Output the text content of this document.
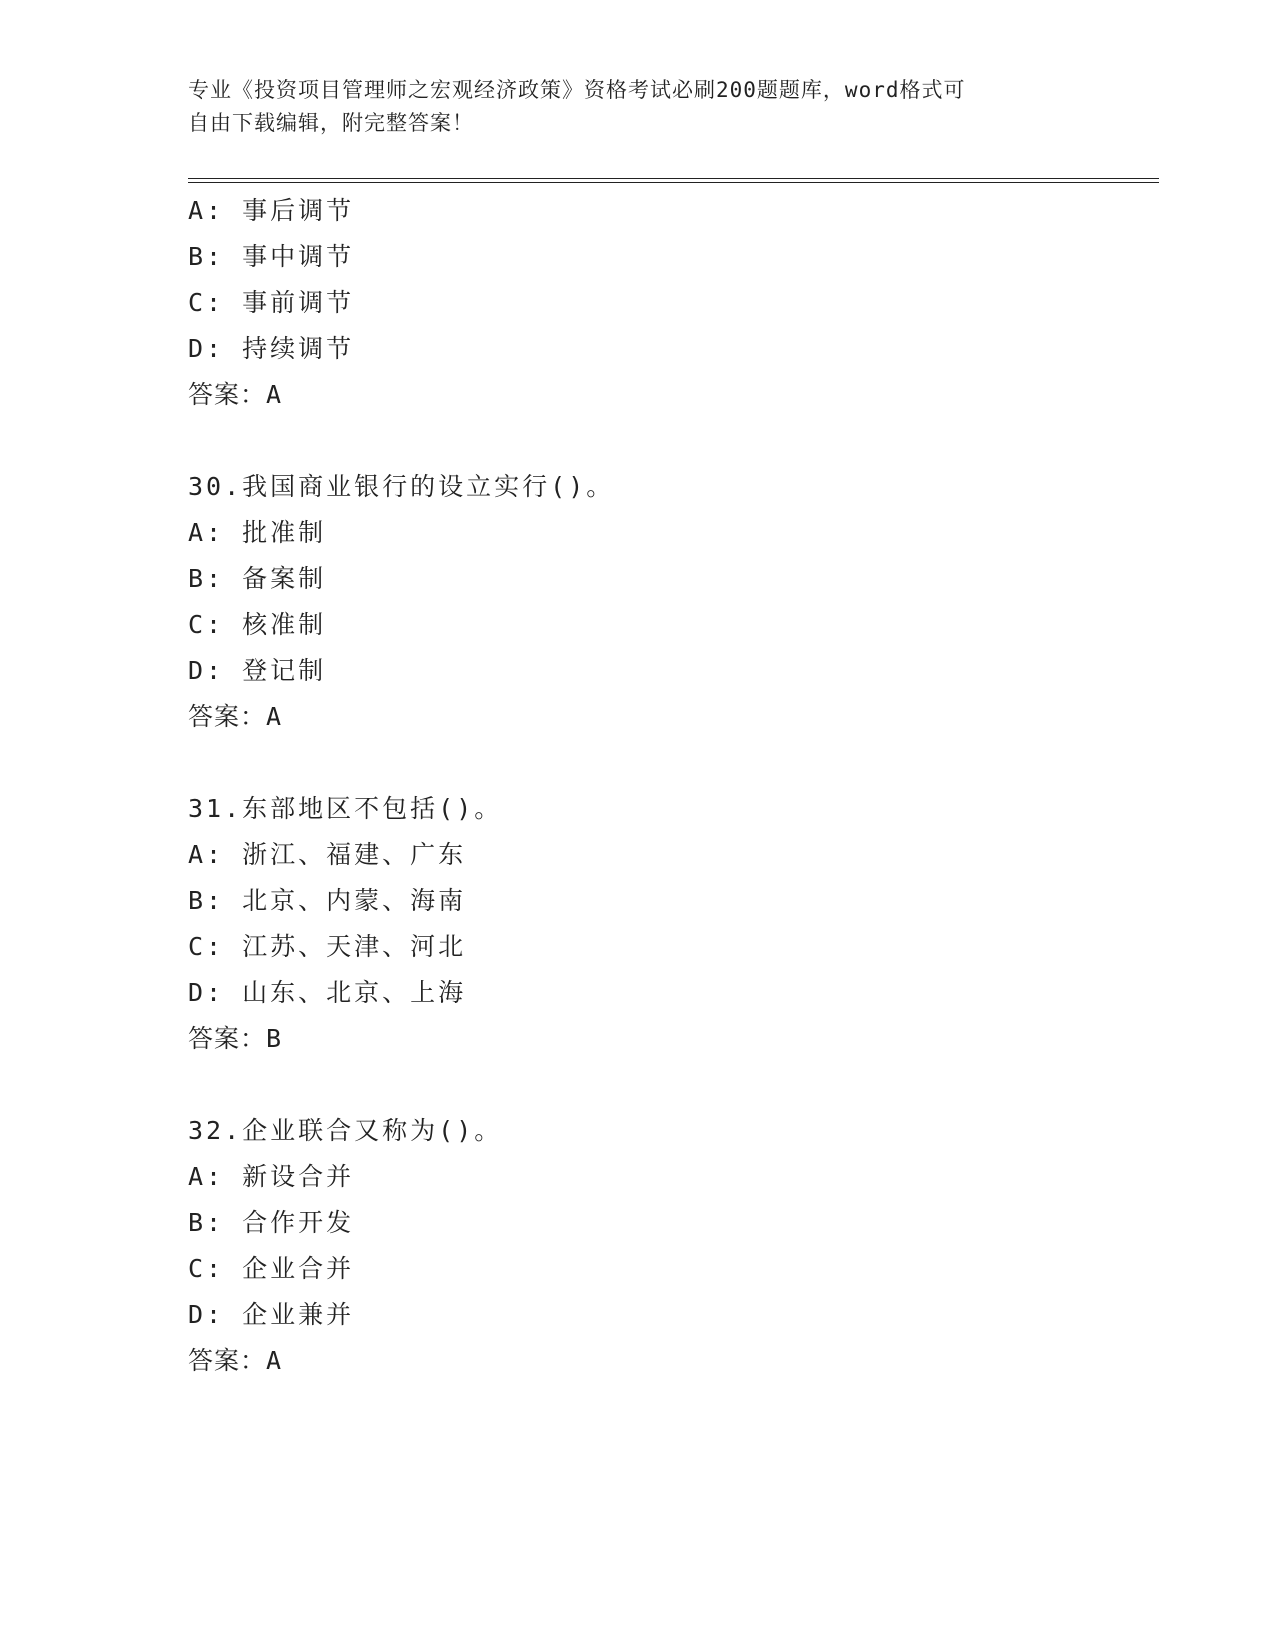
专业《投资项目管理师之宏观经济政策》资格考试必刷200题题库，word格式可
自由下载编辑，附完整答案！
A: 事后调节
B: 事中调节
C: 事前调节
D: 持续调节
答案：A
30.我国商业银行的设立实行()。
A: 批准制
B: 备案制
C: 核准制
D: 登记制
答案：A
31.东部地区不包括()。
A: 浙江、福建、广东
B: 北京、内蒙、海南
C: 江苏、天津、河北
D: 山东、北京、上海
答案：B
32.企业联合又称为()。
A: 新设合并
B: 合作开发
C: 企业合并
D: 企业兼并
答案：A
